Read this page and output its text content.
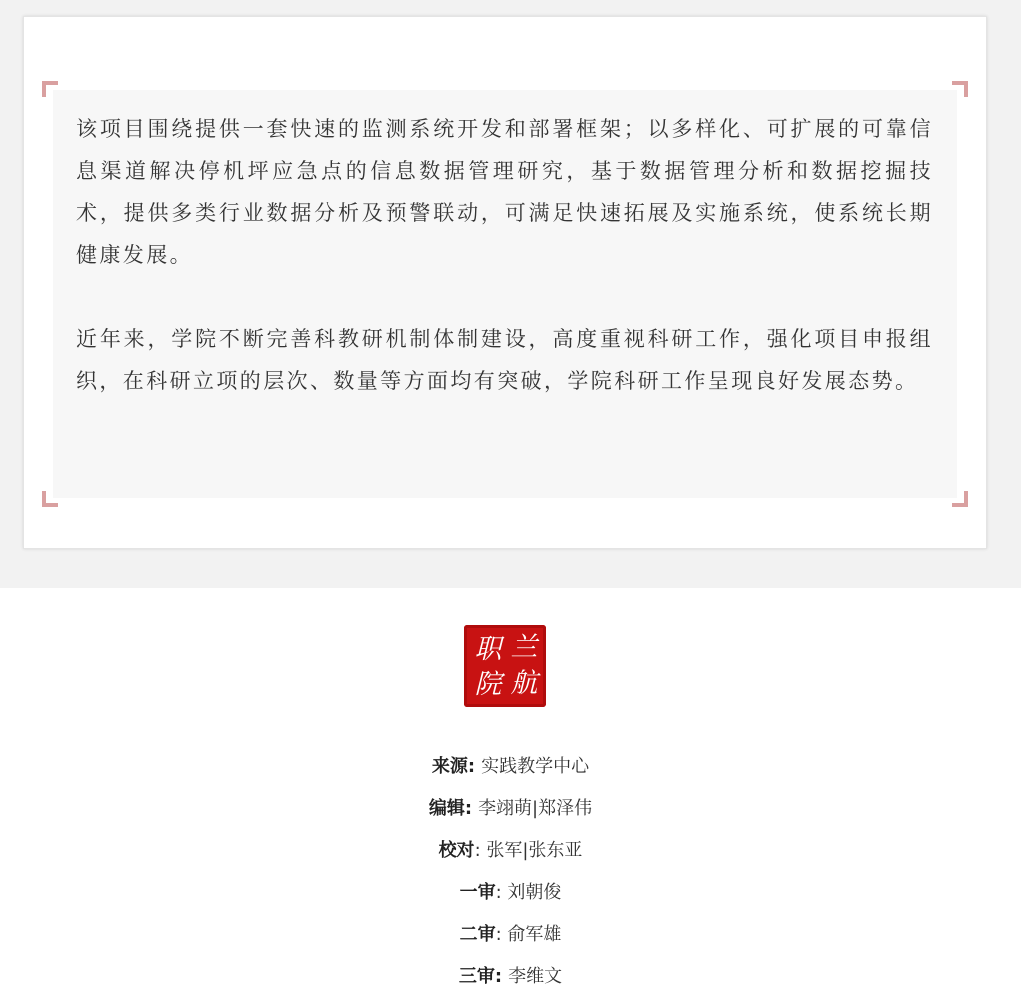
该项目围绕提供一套快速的监测系统开发和部署框架；以多样化、可扩展的可靠信息渠道解决停机坪应急点的信息数据管理研究，基于数据管理分析和数据挖掘技术，提供多类行业数据分析及预警联动，可满足快速拓展及实施系统，使系统长期健康发展。

近年来，学院不断完善科教研机制体制建设，高度重视科研工作，强化项目申报组织，在科研立项的层次、数量等方面均有突破，学院科研工作呈现良好发展态势。

兰
职
航
院
来源: 实践教学中心
编辑: 李翊萌|郑泽伟
校对: 张军|张东亚
一审: 刘朝俊
二审: 俞军雄
三审: 李维文
